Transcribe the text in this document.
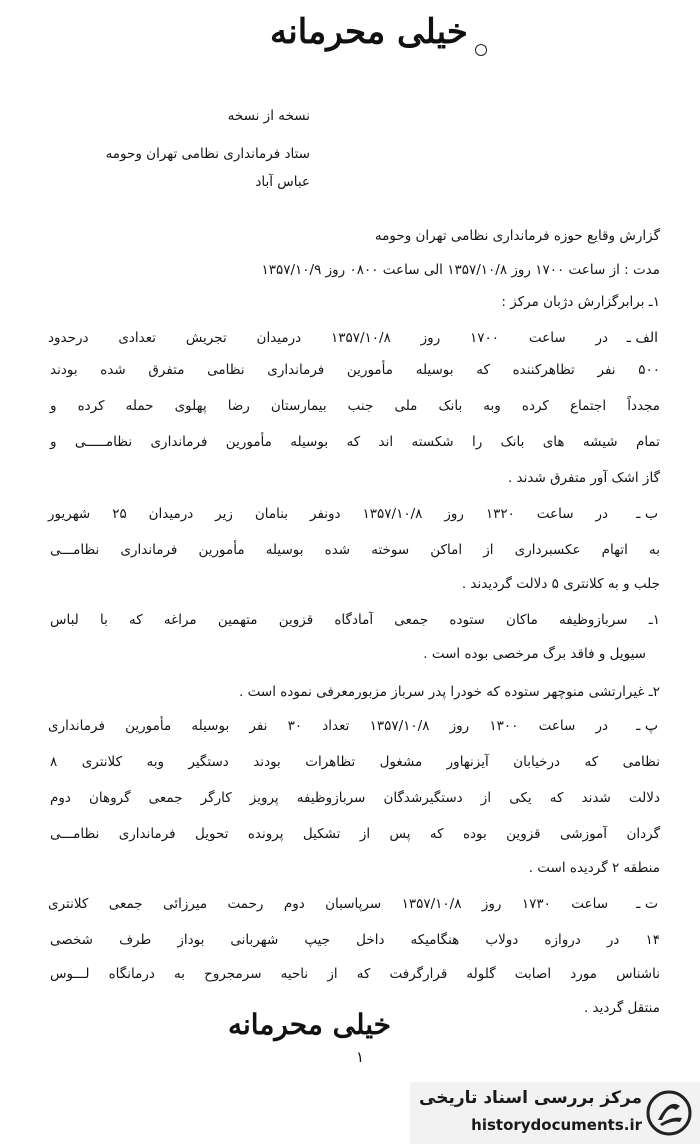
خیلی محرمانه
نسخه از نسخه
ستاد فرمانداری نظامی تهران وحومه
عباس آباد
گزارش وقایع حوزه فرمانداری نظامی تهران وحومه
مدت : از ساعت ۱۷۰۰ روز ۱۳۵۷/۱۰/۸ الی ساعت ۰۸۰۰ روز ۱۳۵۷/۱۰/۹
۱ـ برابرگزارش دژبان مرکز :
الف ـ
در ساعت ۱۷۰۰ روز ۱۳۵۷/۱۰/۸ درمیدان تجریش تعدادی درحدود
۵۰۰ نفر تظاهرکننده که بوسیله مأمورین فرمانداری نظامی متفرق شده بودند
مجدداً اجتماع کرده وبه بانک ملی جنب بیمارستان رضا پهلوی حمله کرده و
تمام شیشه های بانک را شکسته اند که بوسیله مأمورین فرمانداری نظامـــــی و
گاز اشک آور متفرق شدند .
ب ـ
در ساعت ۱۳۲۰ روز ۱۳۵۷/۱۰/۸ دونفر بنامان زیر درمیدان ۲۵ شهریور
به اتهام عکسبرداری از اماکن سوخته شده بوسیله مأمورین فرمانداری نظامـــی
جلب و به کلانتری ۵ دلالت گردیدند .
۱ـ سربازوظیفه ماکان ستوده جمعی آمادگاه قزوین متهمین مراغه که با لباس
سیویل و فاقد برگ مرخصی بوده است .
۲ـ غیرارتشی منوچهر ستوده که خودرا پدر سرباز مزبورمعرفی نموده است .
پ ـ
در ساعت ۱۳۰۰ روز ۱۳۵۷/۱۰/۸ تعداد ۳۰ نفر بوسیله مأمورین فرمانداری
نظامی که درخیابان آیزنهاور مشغول تظاهرات بودند دستگیر وبه کلانتری ۸
دلالت شدند که یکی از دستگیرشدگان سربازوظیفه پرویز کارگر جمعی گروهان دوم
گردان آموزشی قزوین بوده که پس از تشکیل پرونده تحویل فرمانداری نظامـــی
منطقه ۲ گردیده است .
ت ـ
ساعت ۱۷۳۰ روز ۱۳۵۷/۱۰/۸ سرپاسبان دوم رحمت میرزائی جمعی کلانتری
۱۴ در دروازه دولاب هنگامیکه داخل جیپ شهربانی بوداز طرف شخصی
ناشناس مورد اصابت گلوله قرارگرفت که از ناحیه سرمجروح به درمانگاه لـــوس
منتقل گردید .
خیلی محرمانه
۱
مرکز بررسی اسناد تاریخی
historydocuments.ir
